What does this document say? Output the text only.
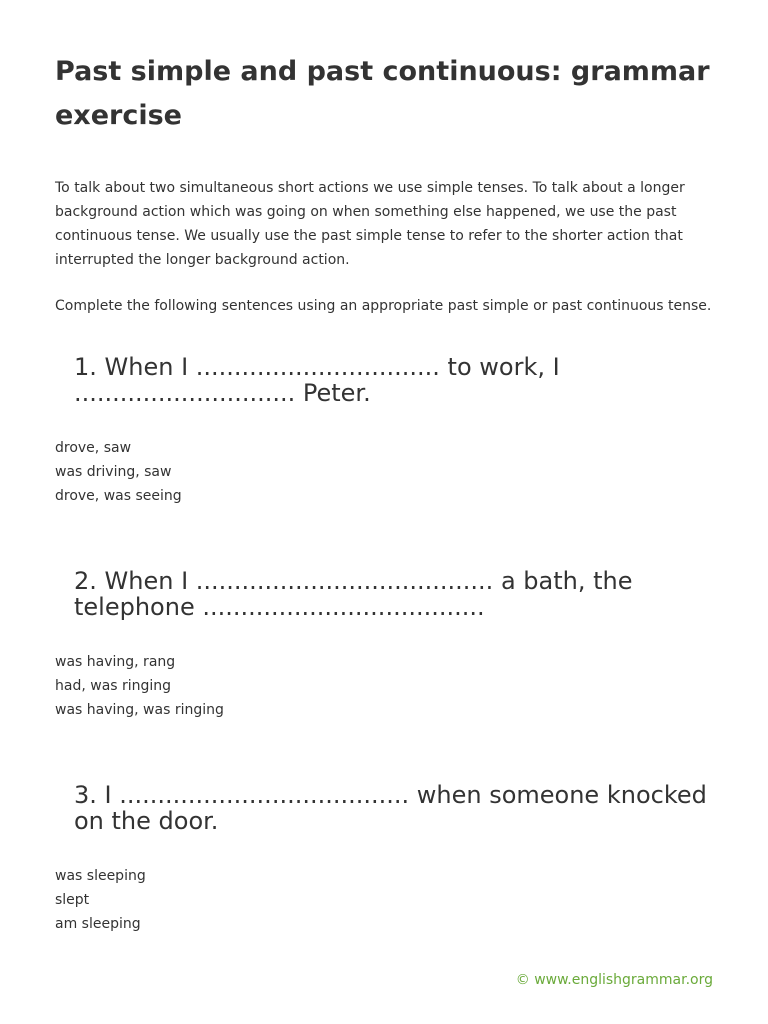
Past simple and past continuous: grammar exercise

To talk about two simultaneous short actions we use simple tenses. To talk about a longer background action which was going on when something else happened, we use the past continuous tense. We usually use the past simple tense to refer to the shorter action that interrupted the longer background action.

Complete the following sentences using an appropriate past simple or past continuous tense.

1. When I ................................ to work, I ............................. Peter.

drove, saw
was driving, saw
drove, was seeing

2. When I ....................................... a bath, the telephone .....................................

was having, rang
had, was ringing
was having, was ringing

3. I ...................................... when someone knocked on the door.

was sleeping
slept
am sleeping
© www.englishgrammar.org
